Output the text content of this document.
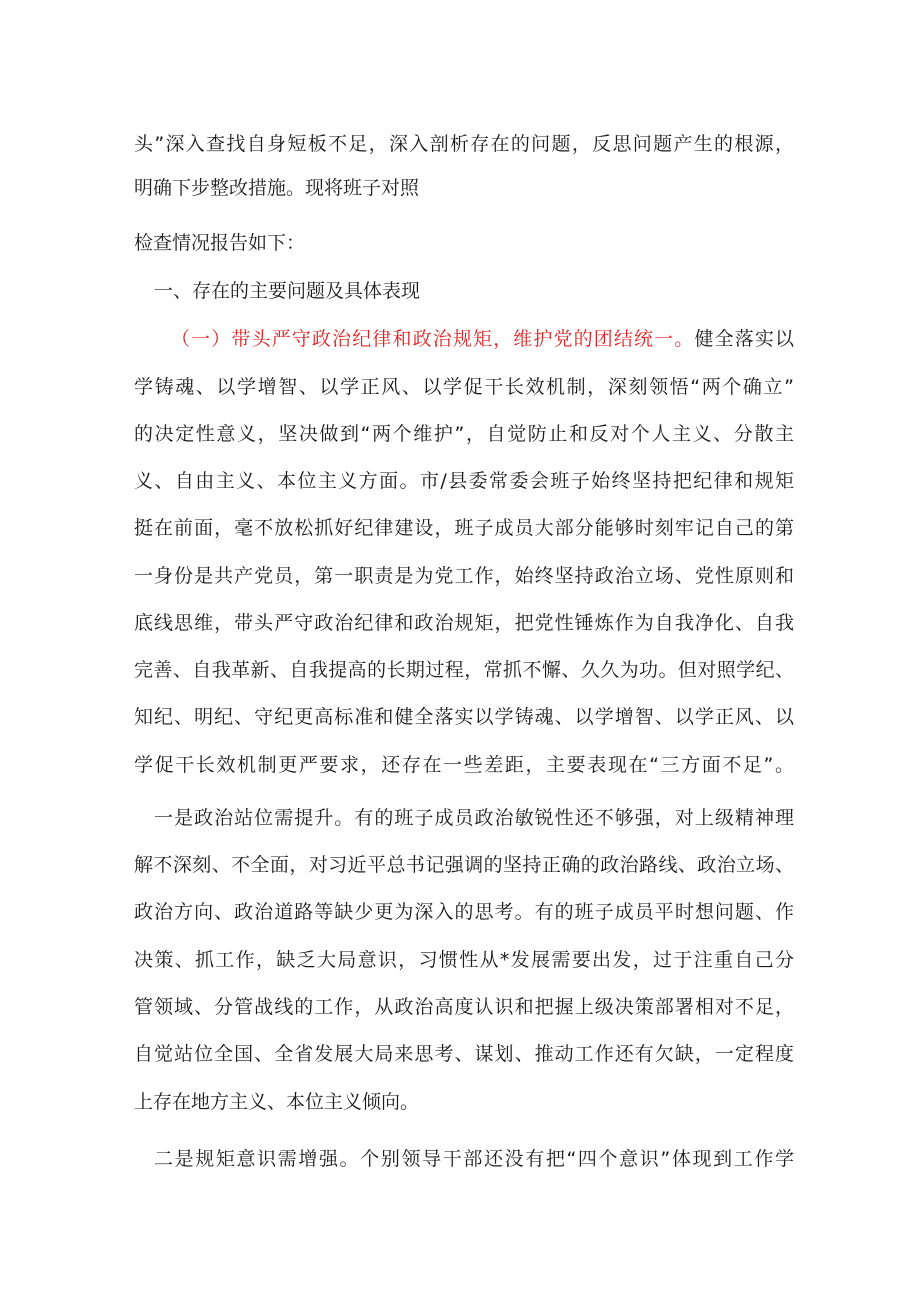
头”深入查找自身短板不足，深入剖析存在的问题，反思问题产生的根源，
明确下步整改措施。现将班子对照
检查情况报告如下：
一、存在的主要问题及具体表现
（一）带头严守政治纪律和政治规矩，维护党的团结统一。健全落实以
学铸魂、以学增智、以学正风、以学促干长效机制，深刻领悟“两个确立”
的决定性意义，坚决做到“两个维护”，自觉防止和反对个人主义、分散主
义、自由主义、本位主义方面。市/县委常委会班子始终坚持把纪律和规矩
挺在前面，毫不放松抓好纪律建设，班子成员大部分能够时刻牢记自己的第
一身份是共产党员，第一职责是为党工作，始终坚持政治立场、党性原则和
底线思维，带头严守政治纪律和政治规矩，把党性锤炼作为自我净化、自我
完善、自我革新、自我提高的长期过程，常抓不懈、久久为功。但对照学纪、
知纪、明纪、守纪更高标准和健全落实以学铸魂、以学增智、以学正风、以
学促干长效机制更严要求，还存在一些差距，主要表现在“三方面不足”。
一是政治站位需提升。有的班子成员政治敏锐性还不够强，对上级精神理
解不深刻、不全面，对习近平总书记强调的坚持正确的政治路线、政治立场、
政治方向、政治道路等缺少更为深入的思考。有的班子成员平时想问题、作
决策、抓工作，缺乏大局意识，习惯性从*发展需要出发，过于注重自己分
管领域、分管战线的工作，从政治高度认识和把握上级决策部署相对不足，
自觉站位全国、全省发展大局来思考、谋划、推动工作还有欠缺，一定程度
上存在地方主义、本位主义倾向。
二是规矩意识需增强。个别领导干部还没有把“四个意识”体现到工作学
